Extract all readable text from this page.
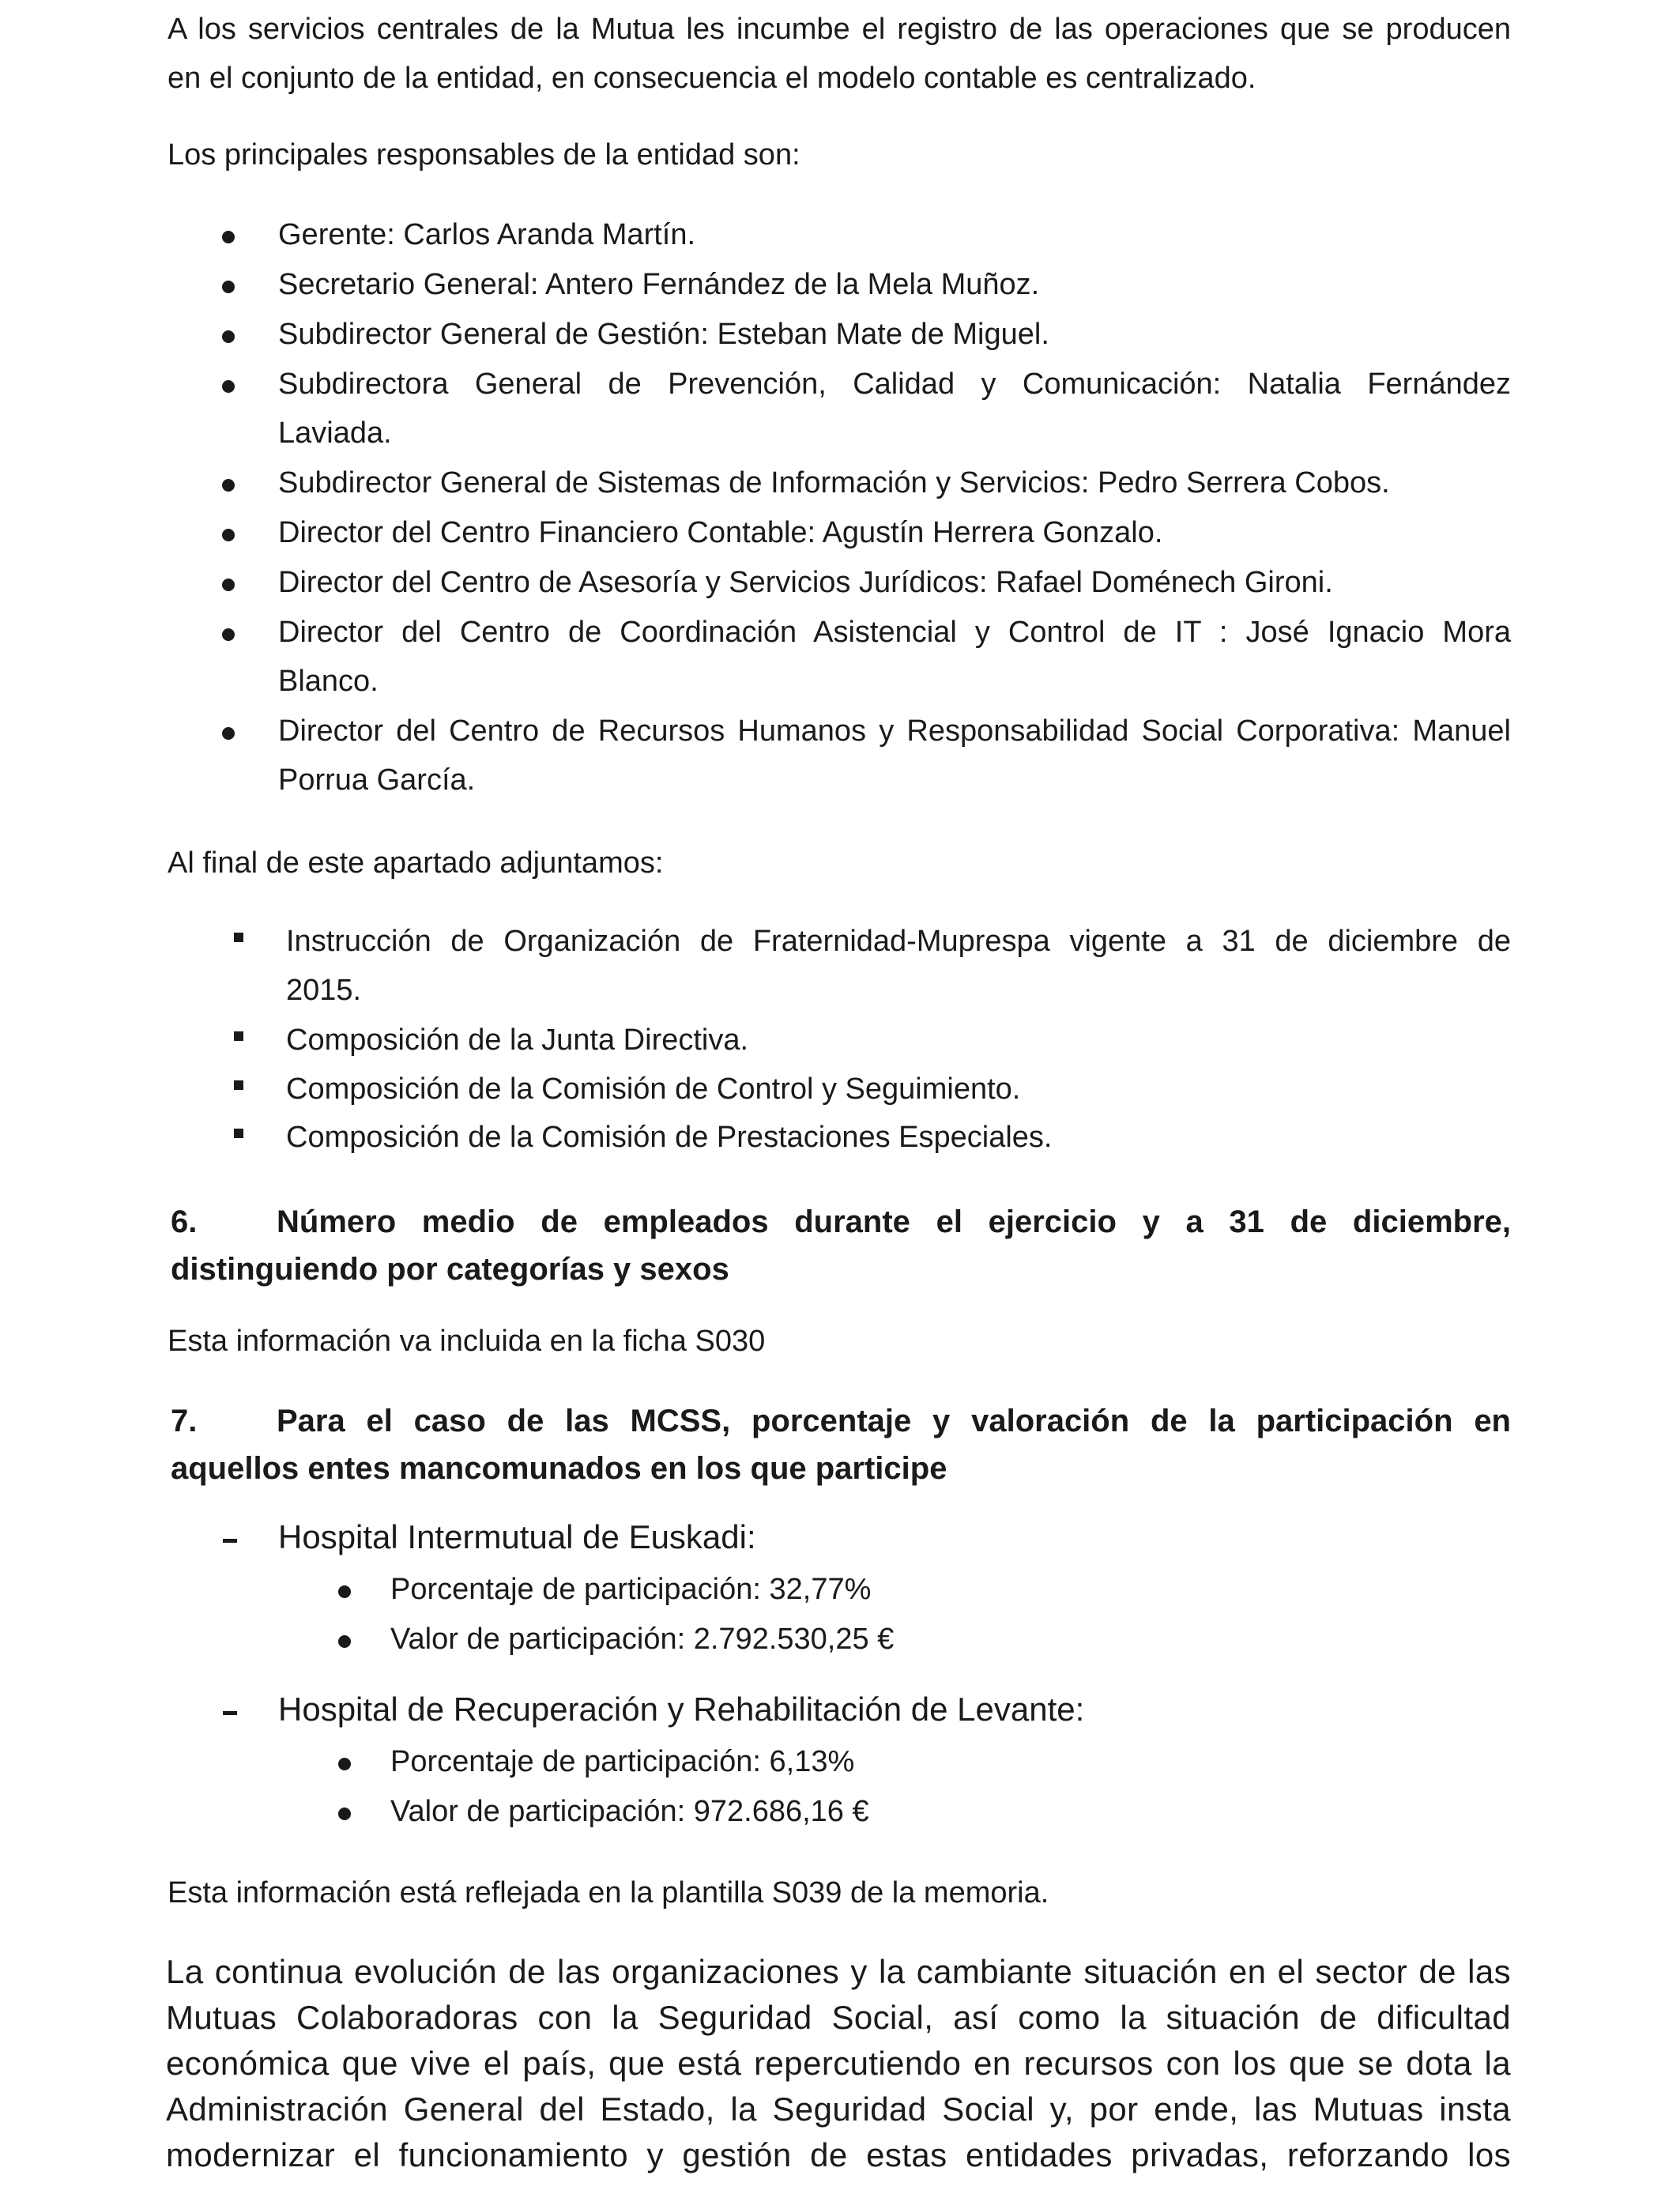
A los servicios centrales de la Mutua les incumbe el registro de las operaciones que se producen
en el conjunto de la entidad, en consecuencia el modelo contable es centralizado.
Los principales responsables de la entidad son:
Gerente: Carlos Aranda Martín.
Secretario General: Antero Fernández de la Mela Muñoz.
Subdirector General de Gestión: Esteban Mate de Miguel.
Subdirectora General de Prevención, Calidad y Comunicación: Natalia Fernández
Laviada.
Subdirector General de Sistemas de Información y Servicios: Pedro Serrera Cobos.
Director del Centro Financiero Contable: Agustín Herrera Gonzalo.
Director del Centro de Asesoría y Servicios Jurídicos: Rafael Doménech Gironi.
Director del Centro de Coordinación Asistencial y Control de IT : José Ignacio Mora
Blanco.
Director del Centro de Recursos Humanos y Responsabilidad Social Corporativa: Manuel
Porrua García.
Al final de este apartado adjuntamos:
Instrucción de Organización de Fraternidad-Muprespa vigente a 31 de diciembre de
2015.
Composición de la Junta Directiva.
Composición de la Comisión de Control y Seguimiento.
Composición de la Comisión de Prestaciones Especiales.
6.	Número medio de empleados durante el ejercicio y a 31 de diciembre,
distinguiendo por categorías y sexos
Esta información va incluida en la ficha S030
7.	Para el caso de las MCSS, porcentaje y valoración de la participación en
aquellos entes mancomunados en los que participe
Hospital Intermutual de Euskadi:
Porcentaje de participación: 32,77%
Valor de participación: 2.792.530,25 €
Hospital de Recuperación y Rehabilitación de Levante:
Porcentaje de participación: 6,13%
Valor de participación: 972.686,16 €
Esta información está reflejada en la plantilla S039 de la memoria.
La continua evolución de las organizaciones y la cambiante situación en el sector de las
Mutuas Colaboradoras con la Seguridad Social, así como la situación de dificultad
económica que vive el país, que está repercutiendo en recursos con los que se dota la
Administración General del Estado, la Seguridad Social y, por ende, las Mutuas insta
modernizar el funcionamiento y gestión de estas entidades privadas, reforzando los
